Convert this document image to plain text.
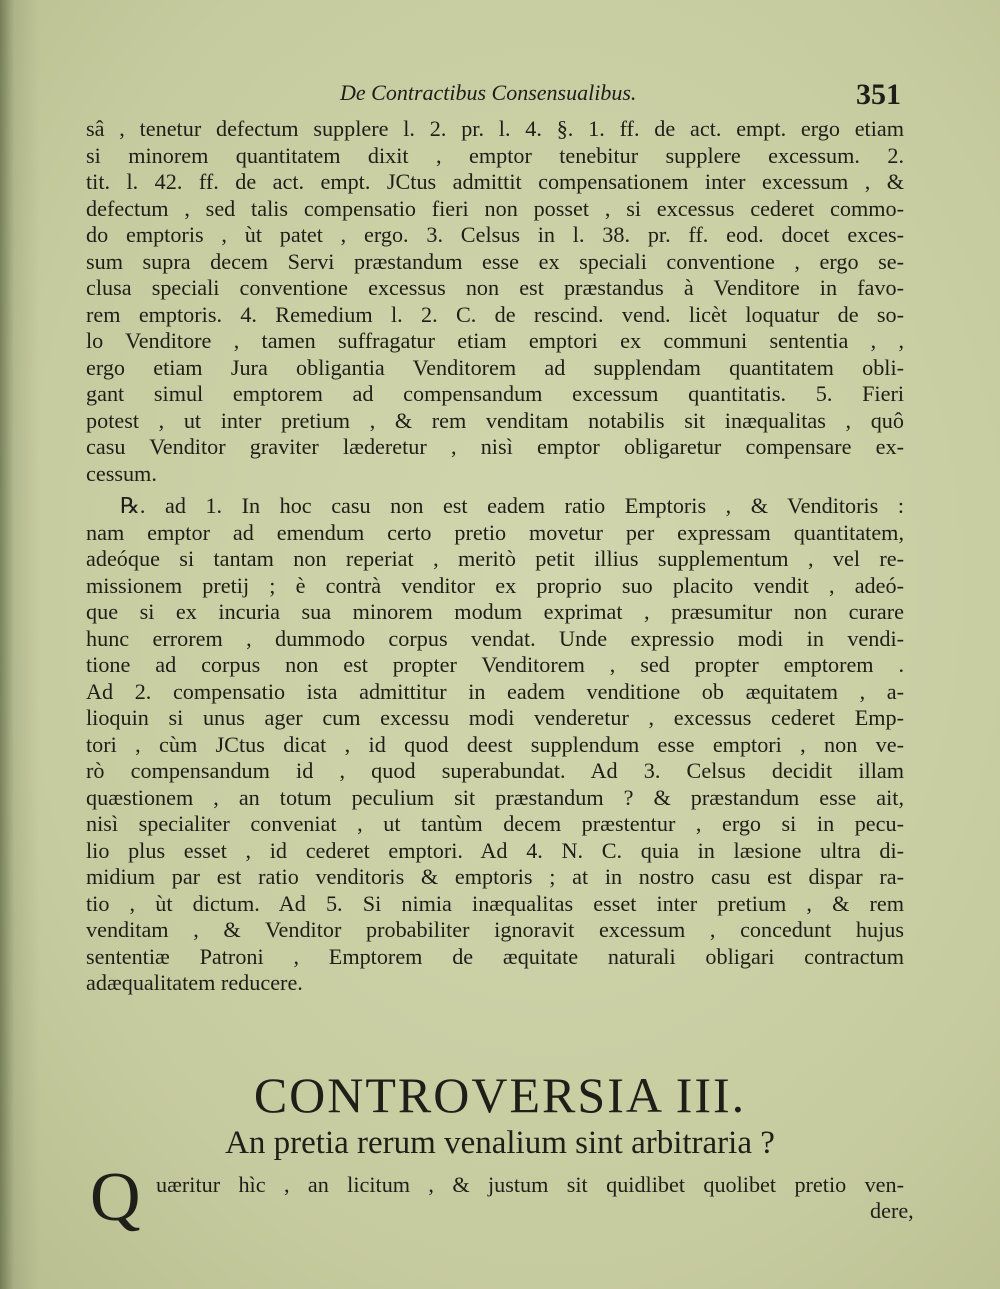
De Contractibus Consensualibus.	351
sâ , tenetur defectum supplere l. 2. pr. l. 4. §. 1. ff. de act. empt. ergo etiam
si minorem quantitatem dixit , emptor tenebitur supplere excessum. 2.
tit. l. 42. ff. de act. empt. JCtus admittit compensationem inter excessum , &
defectum , sed talis compensatio fieri non posset , si excessus cederet commo-
do emptoris , ùt patet , ergo. 3. Celsus in l. 38. pr. ff. eod. docet exces-
sum supra decem Servi præstandum esse ex speciali conventione , ergo se-
clusa speciali conventione excessus non est præstandus à Venditore in favo-
rem emptoris. 4. Remedium l. 2. C. de rescind. vend. licèt loquatur de so-
lo Venditore , tamen suffragatur etiam emptori ex communi sententia , ,
ergo etiam Jura obligantia Venditorem ad supplendam quantitatem obli-
gant simul emptorem ad compensandum excessum quantitatis. 5. Fieri
potest , ut inter pretium , & rem venditam notabilis sit inæqualitas , quô
casu Venditor graviter læderetur , nisì emptor obligaretur compensare ex-
cessum.
℞. ad 1. In hoc casu non est eadem ratio Emptoris , & Venditoris :
nam emptor ad emendum certo pretio movetur per expressam quantitatem,
adeóque si tantam non reperiat , meritò petit illius supplementum , vel re-
missionem pretij ; è contrà venditor ex proprio suo placito vendit , adeó-
que si ex incuria sua minorem modum exprimat , præsumitur non curare
hunc errorem , dummodo corpus vendat. Unde expressio modi in vendi-
tione ad corpus non est propter Venditorem , sed propter emptorem .
Ad 2. compensatio ista admittitur in eadem venditione ob æquitatem , a-
lioquin si unus ager cum excessu modi venderetur , excessus cederet Emp-
tori , cùm JCtus dicat , id quod deest supplendum esse emptori , non ve-
rò compensandum id , quod superabundat. Ad 3. Celsus decidit illam
quæstionem , an totum peculium sit præstandum ? & præstandum esse ait,
nisì specialiter conveniat , ut tantùm decem præstentur , ergo si in pecu-
lio plus esset , id cederet emptori. Ad 4. N. C. quia in læsione ultra di-
midium par est ratio venditoris & emptoris ; at in nostro casu est dispar ra-
tio , ùt dictum. Ad 5. Si nimia inæqualitas esset inter pretium , & rem
venditam , & Venditor probabiliter ignoravit excessum , concedunt hujus
sententiæ Patroni , Emptorem de æquitate naturali obligari contractum
adæqualitatem reducere.
CONTROVERSIA III.
An pretia rerum venalium sint arbitraria ?
Q uæritur hìc , an licitum , & justum sit quidlibet quolibet pretio ven-
dere,
